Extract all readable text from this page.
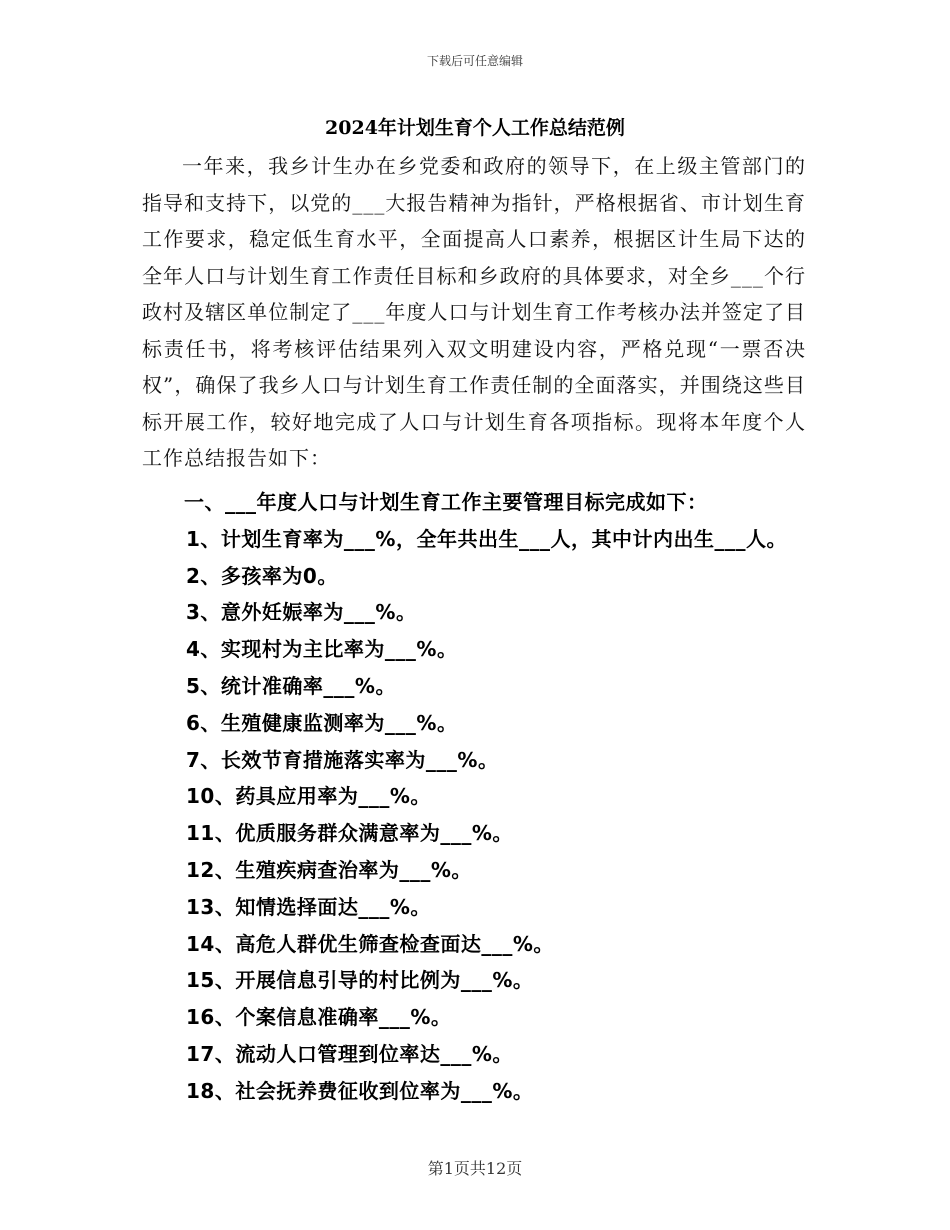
下载后可任意编辑
2024年计划生育个人工作总结范例
一年来，我乡计生办在乡党委和政府的领导下，在上级主管部门的指导和支持下，以党的___大报告精神为指针，严格根据省、市计划生育工作要求，稳定低生育水平，全面提高人口素养，根据区计生局下达的全年人口与计划生育工作责任目标和乡政府的具体要求，对全乡___个行政村及辖区单位制定了___年度人口与计划生育工作考核办法并签定了目标责任书，将考核评估结果列入双文明建设内容，严格兑现“一票否决权”，确保了我乡人口与计划生育工作责任制的全面落实，并围绕这些目标开展工作，较好地完成了人口与计划生育各项指标。现将本年度个人工作总结报告如下：
一、___年度人口与计划生育工作主要管理目标完成如下：
1、计划生育率为___%，全年共出生___人，其中计内出生___人。
2、多孩率为0。
3、意外妊娠率为___%。
4、实现村为主比率为___%。
5、统计准确率___%。
6、生殖健康监测率为___%。
7、长效节育措施落实率为___%。
10、药具应用率为___%。
11、优质服务群众满意率为___%。
12、生殖疾病查治率为___%。
13、知情选择面达___%。
14、高危人群优生筛查检查面达___%。
15、开展信息引导的村比例为___%。
16、个案信息准确率___%。
17、流动人口管理到位率达___%。
18、社会抚养费征收到位率为___%。
第1页共12页
